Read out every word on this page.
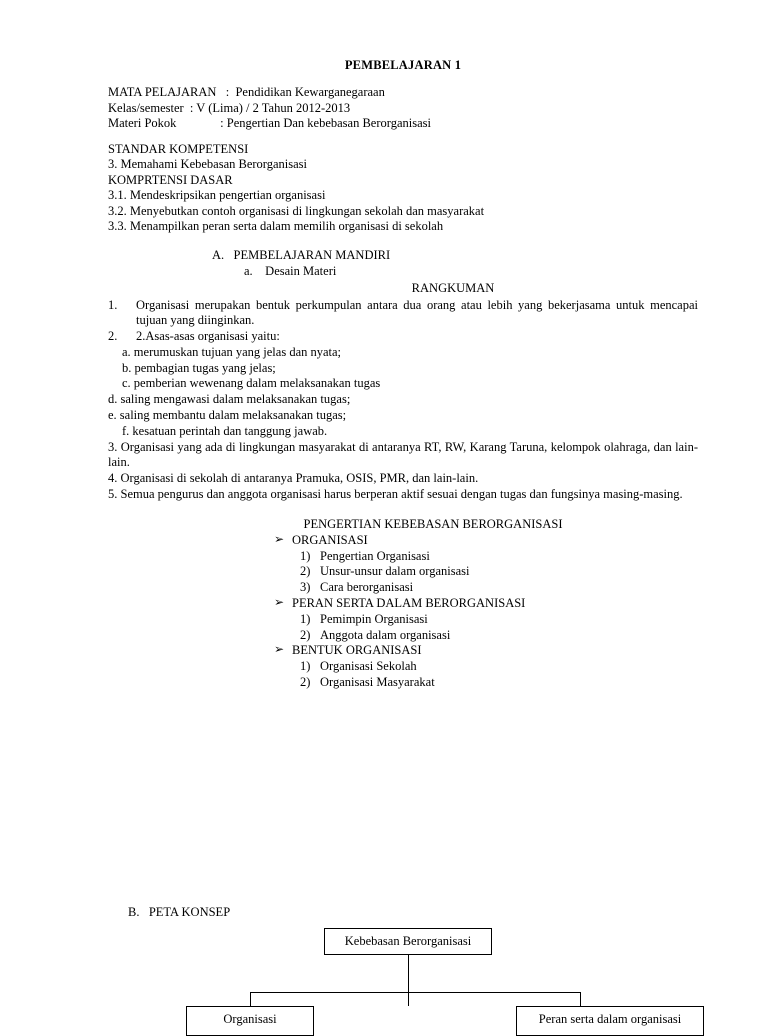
PEMBELAJARAN 1
MATA PELAJARAN   :  Pendidikan Kewarganegaraan
Kelas/semester  : V (Lima) / 2 Tahun 2012-2013
Materi Pokok              : Pengertian Dan kebebasan Berorganisasi
STANDAR KOMPETENSI
3. Memahami Kebebasan Berorganisasi
KOMPRTENSI DASAR
3.1. Mendeskripsikan pengertian organisasi
3.2. Menyebutkan contoh organisasi di lingkungan sekolah dan masyarakat
3.3. Menampilkan peran serta dalam memilih organisasi di sekolah
A.   PEMBELAJARAN MANDIRI
a.    Desain Materi
RANGKUMAN
1. Organisasi merupakan bentuk perkumpulan antara dua orang atau lebih yang bekerjasama untuk mencapai tujuan yang diinginkan.
2. 2.Asas-asas organisasi yaitu:
a. merumuskan tujuan yang jelas dan nyata;
b. pembagian tugas yang jelas;
c. pemberian wewenang dalam melaksanakan tugas
d. saling mengawasi dalam melaksanakan tugas;
e. saling membantu dalam melaksanakan tugas;
f. kesatuan perintah dan tanggung jawab.
3. Organisasi yang ada di lingkungan masyarakat di antaranya RT, RW, Karang Taruna, kelompok olahraga, dan lain-lain.
4. Organisasi di sekolah di antaranya Pramuka, OSIS, PMR, dan lain-lain.
5. Semua pengurus dan anggota organisasi harus berperan aktif sesuai dengan tugas dan fungsinya masing-masing.
PENGERTIAN KEBEBASAN BERORGANISASI
➢ ORGANISASI
1) Pengertian Organisasi
2) Unsur-unsur dalam organisasi
3) Cara berorganisasi
➢ PERAN SERTA DALAM BERORGANISASI
1) Pemimpin Organisasi
2) Anggota dalam organisasi
➢ BENTUK ORGANISASI
1) Organisasi Sekolah
2) Organisasi Masyarakat
B.   PETA KONSEP
Kebebasan Berorganisasi
Organisasi	Peran serta dalam organisasi
